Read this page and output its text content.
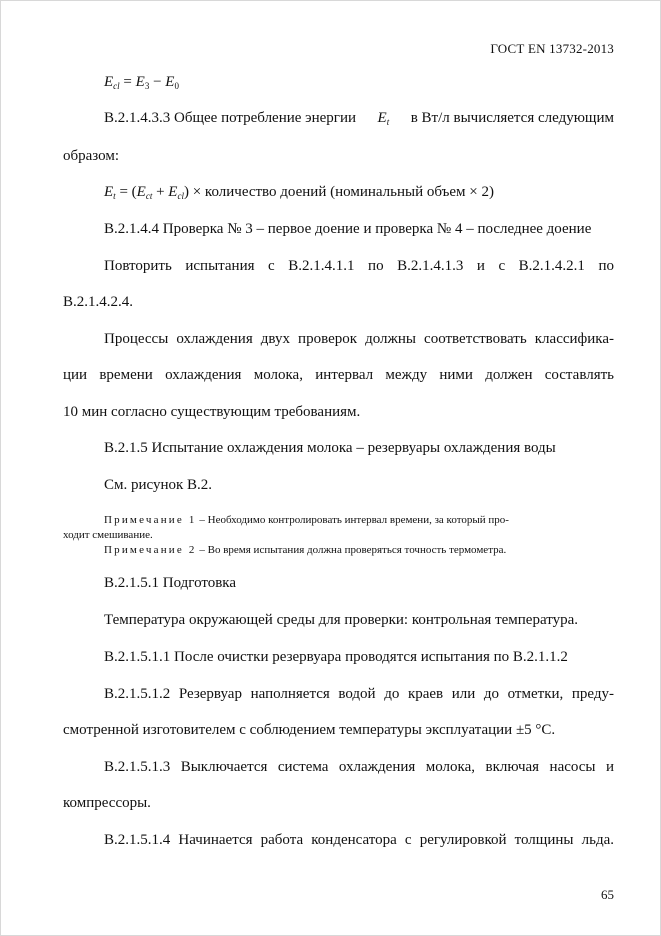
ГОСТ EN 13732-2013
$E_{cl} = E_3 - E_0$
В.2.1.4.3.3 Общее потребление энергии $E_t$ в Вт/л вычисляется следующим
образом:
$E_t = (E_{ct} + E_{cl})$ × количество доений (номинальный объем × 2)
В.2.1.4.4 Проверка № 3 – первое доение и проверка № 4 – последнее доение
Повторить испытания с В.2.1.4.1.1 по В.2.1.4.1.3 и с В.2.1.4.2.1 по
В.2.1.4.2.4.
Процессы охлаждения двух проверок должны соответствовать классифика-
ции времени охлаждения молока, интервал между ними должен составлять
10 мин согласно существующим требованиям.
В.2.1.5 Испытание охлаждения молока – резервуары охлаждения воды
См. рисунок В.2.
Примечание 1 – Необходимо контролировать интервал времени, за который про-
ходит смешивание.
Примечание 2 – Во время испытания должна проверяться точность термометра.
В.2.1.5.1 Подготовка
Температура окружающей среды для проверки: контрольная температура.
В.2.1.5.1.1 После очистки резервуара проводятся испытания по В.2.1.1.2
В.2.1.5.1.2 Резервуар наполняется водой до краев или до отметки, преду-
смотренной изготовителем с соблюдением температуры эксплуатации ±5 °С.
В.2.1.5.1.3 Выключается система охлаждения молока, включая насосы и
компрессоры.
В.2.1.5.1.4 Начинается работа конденсатора с регулировкой толщины льда.
65
